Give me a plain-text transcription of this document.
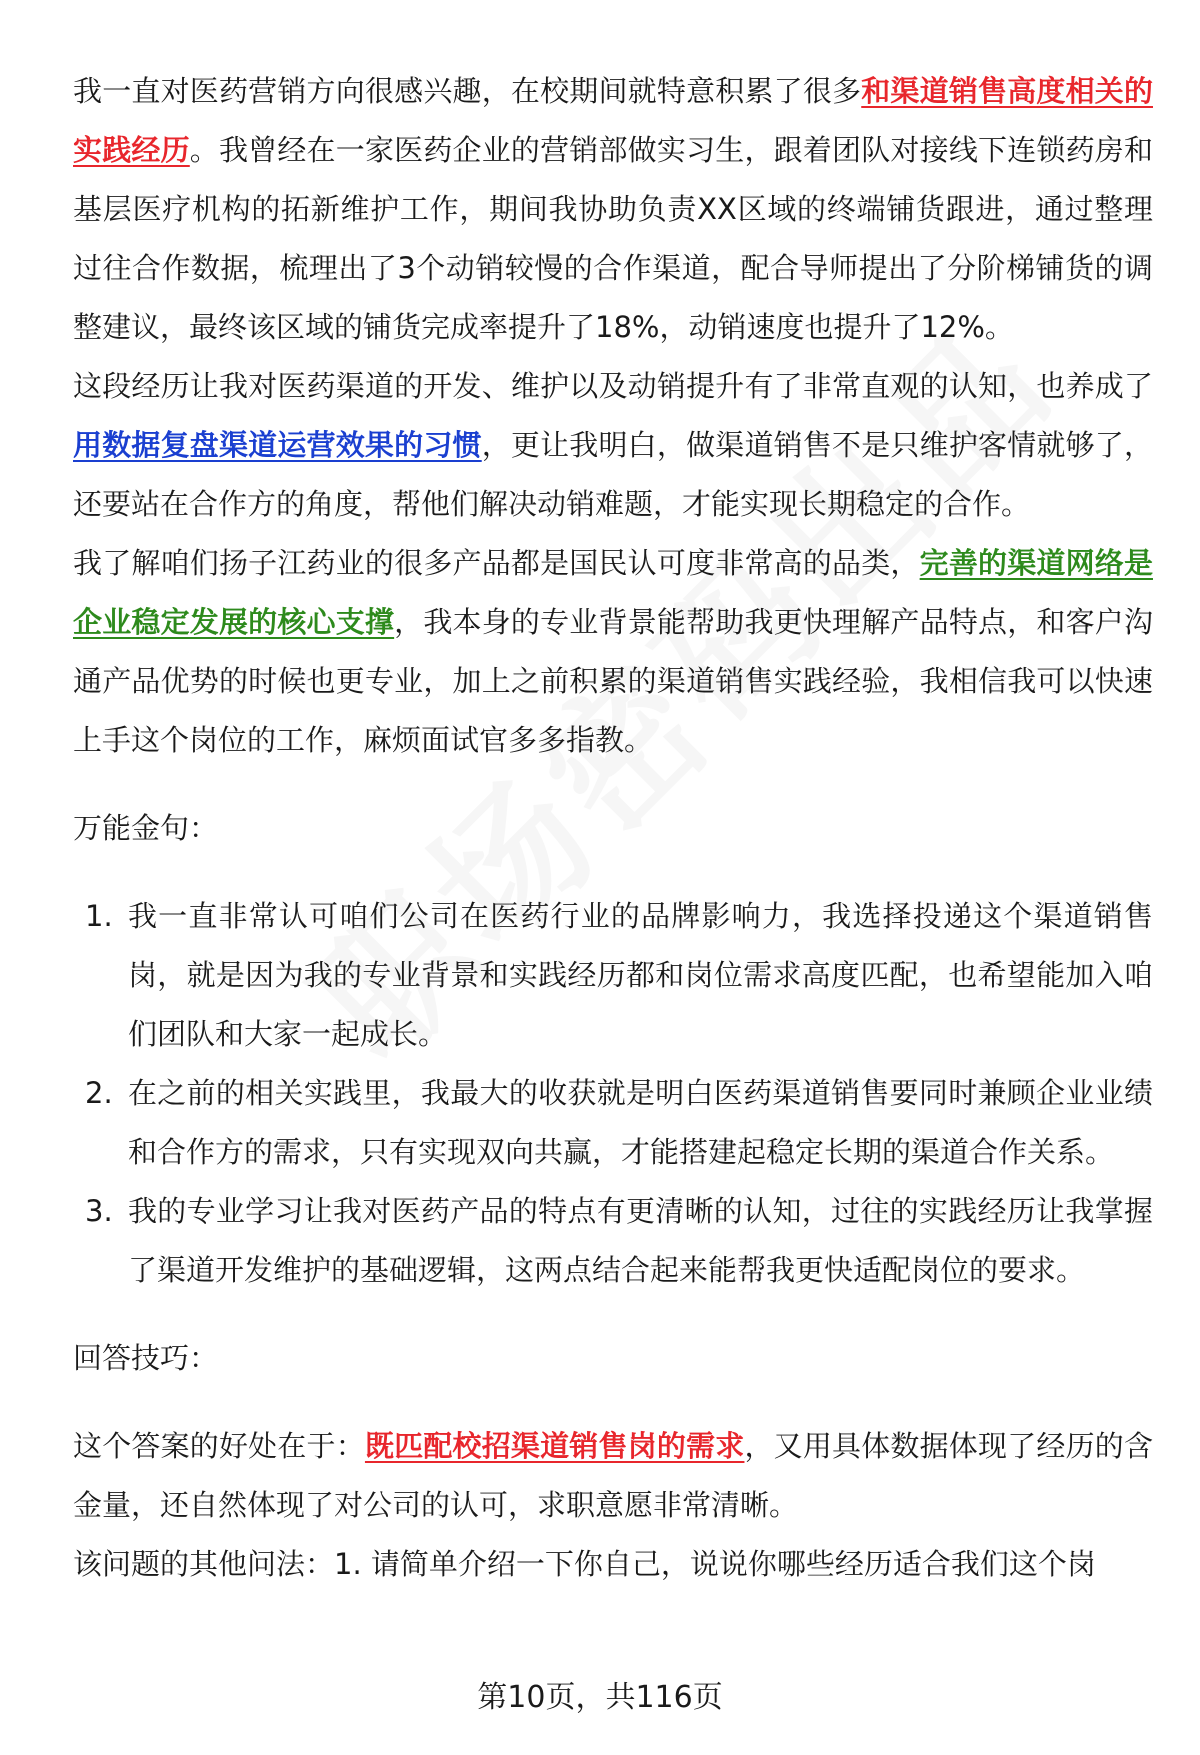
我一直对医药营销方向很感兴趣，在校期间就特意积累了很多和渠道销售高度相关的实践经历。我曾经在一家医药企业的营销部做实习生，跟着团队对接线下连锁药房和基层医疗机构的拓新维护工作，期间我协助负责XX区域的终端铺货跟进，通过整理过往合作数据，梳理出了3个动销较慢的合作渠道，配合导师提出了分阶梯铺货的调整建议，最终该区域的铺货完成率提升了18%，动销速度也提升了12%。

这段经历让我对医药渠道的开发、维护以及动销提升有了非常直观的认知，也养成了用数据复盘渠道运营效果的习惯，更让我明白，做渠道销售不是只维护客情就够了，还要站在合作方的角度，帮他们解决动销难题，才能实现长期稳定的合作。

我了解咱们扬子江药业的很多产品都是国民认可度非常高的品类，完善的渠道网络是企业稳定发展的核心支撑，我本身的专业背景能帮助我更快理解产品特点，和客户沟通产品优势的时候也更专业，加上之前积累的渠道销售实践经验，我相信我可以快速上手这个岗位的工作，麻烦面试官多多指教。

万能金句：

1. 我一直非常认可咱们公司在医药行业的品牌影响力，我选择投递这个渠道销售岗，就是因为我的专业背景和实践经历都和岗位需求高度匹配，也希望能加入咱们团队和大家一起成长。
2. 在之前的相关实践里，我最大的收获就是明白医药渠道销售要同时兼顾企业业绩和合作方的需求，只有实现双向共赢，才能搭建起稳定长期的渠道合作关系。
3. 我的专业学习让我对医药产品的特点有更清晰的认知，过往的实践经历让我掌握了渠道开发维护的基础逻辑，这两点结合起来能帮我更快适配岗位的要求。

回答技巧：

这个答案的好处在于：既匹配校招渠道销售岗的需求，又用具体数据体现了经历的含金量，还自然体现了对公司的认可，求职意愿非常清晰。

该问题的其他问法：1. 请简单介绍一下你自己，说说你哪些经历适合我们这个岗

第10页，共116页
